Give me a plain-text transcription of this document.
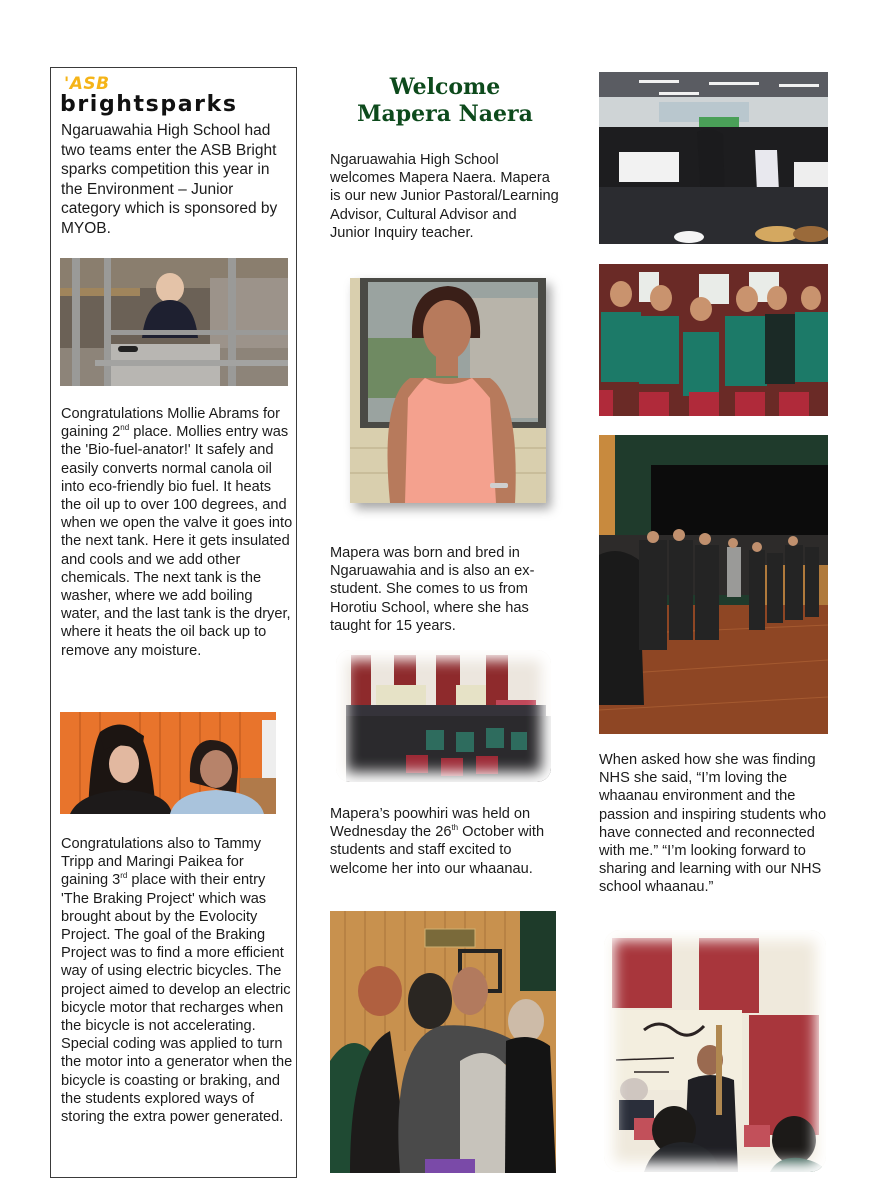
'ASB
brightsparks
Ngaruawahia High School had two teams enter the ASB Bright sparks competition this year in the Environment – Junior category which is sponsored by MYOB.
Congratulations Mollie Abrams for gaining 2nd place. Mollies entry was the 'Bio-fuel-anator!' It safely and easily converts normal canola oil into eco-friendly bio fuel. It heats the oil up to over 100 degrees, and when we open the valve it goes into the next tank. Here it gets insulated and cools and we add other chemicals. The next tank is the washer, where we add boiling water, and the last tank is the dryer, where it heats the oil back up to remove any moisture.
Congratulations also to Tammy Tripp and Maringi Paikea for gaining 3rd place with their entry 'The Braking Project' which was brought about by the Evolocity Project. The goal of the Braking Project was to find a more efficient way of using electric bicycles. The project aimed to develop an electric bicycle motor that recharges when the bicycle is not accelerating. Special coding was applied to turn the motor into a generator when the bicycle is coasting or braking, and the students explored ways of storing the extra power generated.
Welcome
Mapera Naera
Ngaruawahia High School welcomes Mapera Naera. Mapera is our new Junior Pastoral/Learning Advisor, Cultural Advisor and Junior Inquiry teacher.
Mapera was born and bred in Ngaruawahia and is also an ex-student. She comes to us from Horotiu School, where she has taught for 15 years.
Mapera’s poowhiri was held on Wednesday the 26th October with students and staff excited to welcome her into our whaanau.
When asked how she was finding NHS she said, “I’m loving the whaanau environment and the passion and inspiring students who have connected and reconnected with me.” “I’m looking forward to sharing and learning with our NHS school whaanau.”
